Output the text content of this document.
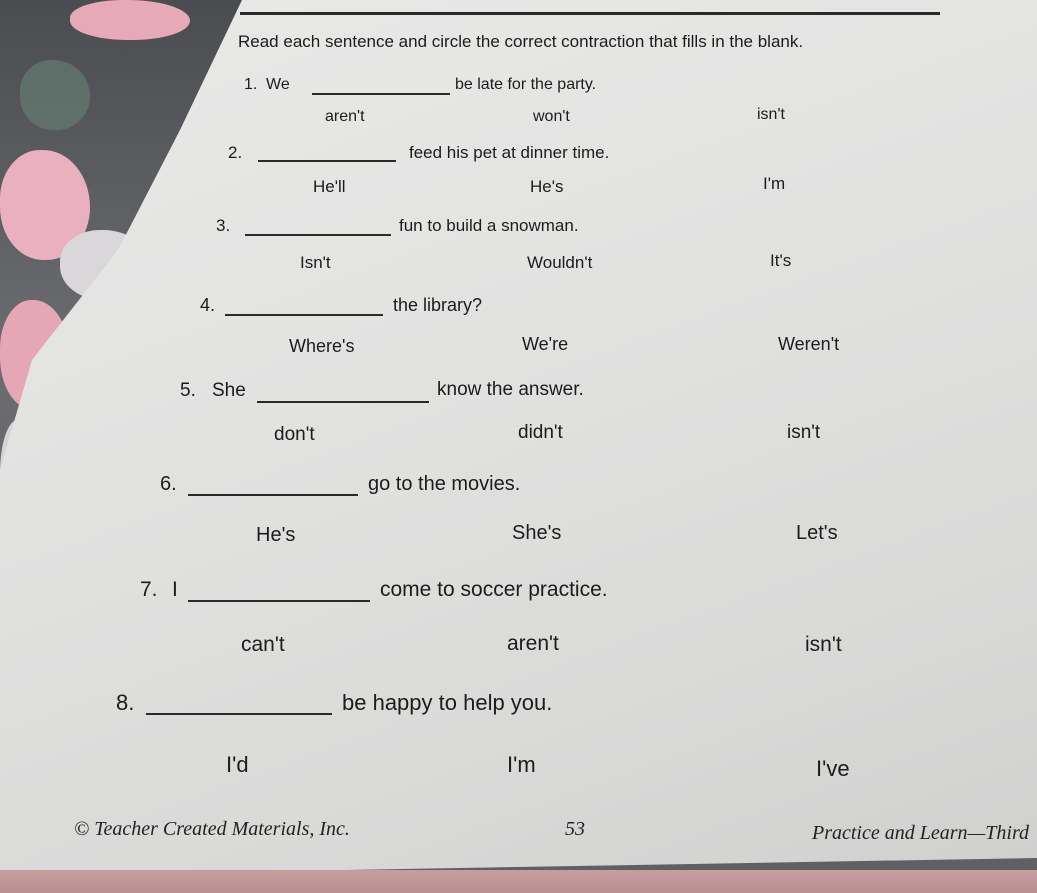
Read each sentence and circle the correct contraction that fills in the blank.
1. We	be late for the party.
aren't	won't	isn't
2.	feed his pet at dinner time.
He'll	He's	I'm
3.	fun to build a snowman.
Isn't	Wouldn't	It's
4.	the library?
Where's	We're	Weren't
5. She	know the answer.
don't	didn't	isn't
6.	go to the movies.
He's	She's	Let's
7. I	come to soccer practice.
can't	aren't	isn't
8.	be happy to help you.
I'd	I'm	I've
© Teacher Created Materials, Inc.	53	Practice and Learn—Third
